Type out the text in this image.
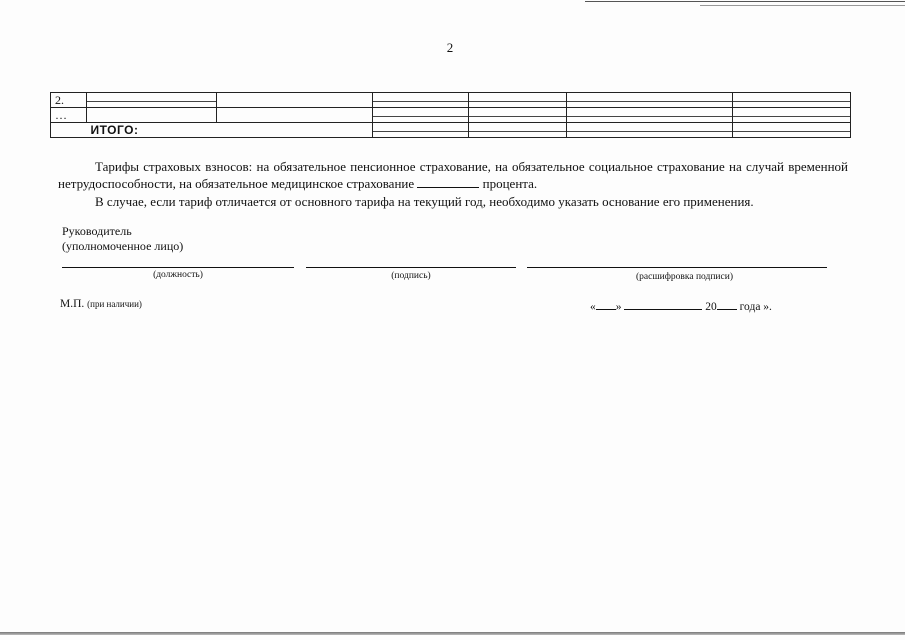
2
2.						
…						
	ИТОГО:					
Тарифы страховых взносов: на обязательное пенсионное страхование, на обязательное социальное страхование на случай временной нетрудоспособности, на обязательное медицинское страхование	процента.
В случае, если тариф отличается от основного тарифа на текущий год, необходимо указать основание его применения.
Руководитель
(уполномоченное лицо)
(должность)	(подпись)	(расшифровка подписи)
М.П. (при наличии)	« »	20 года ».
